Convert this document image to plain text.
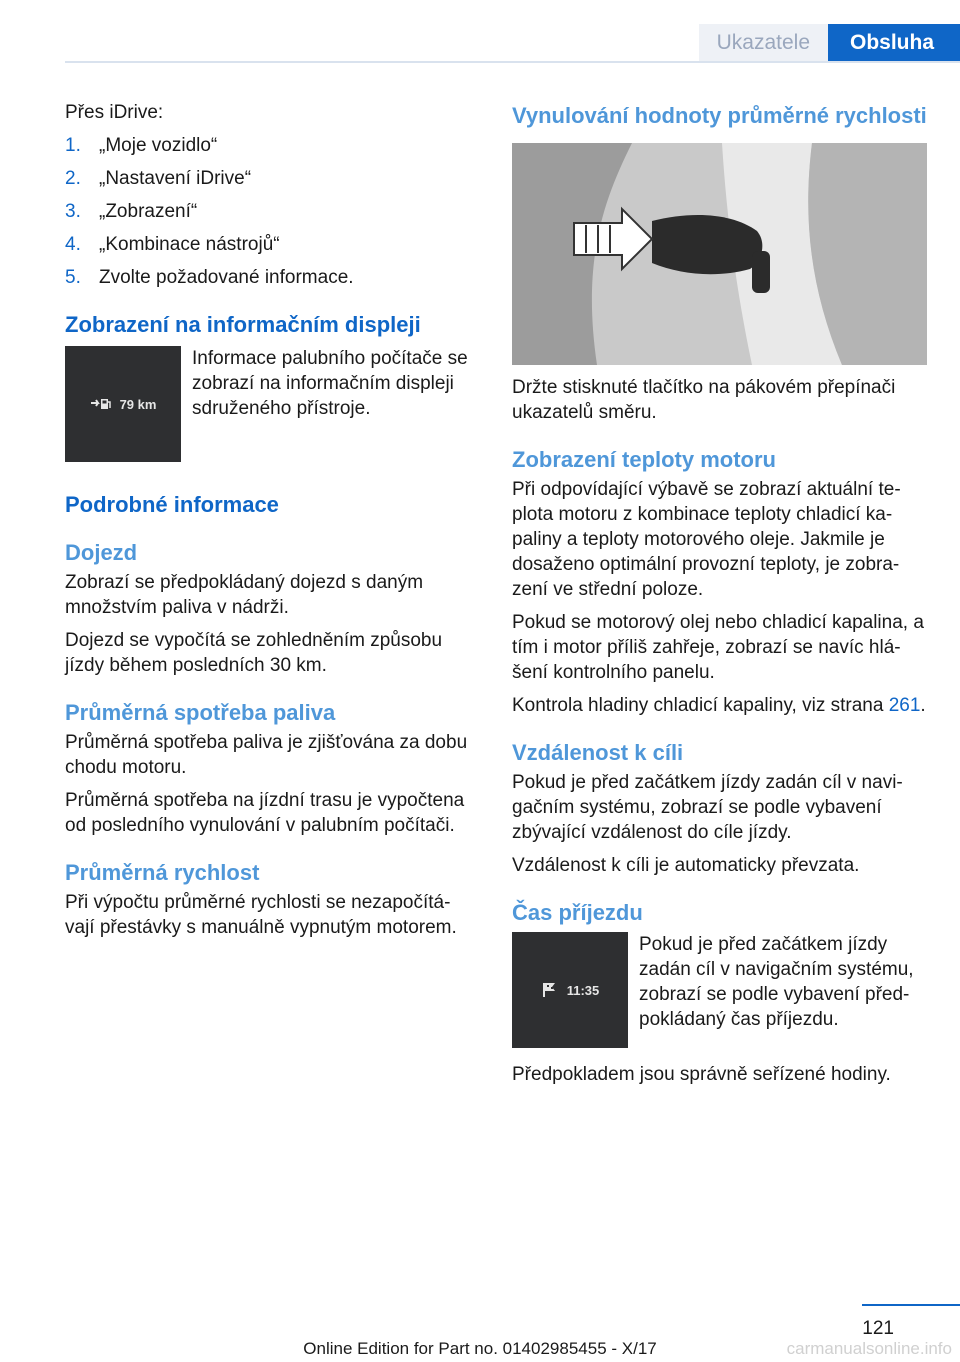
Ukazatele	Obsluha

Přes iDrive:

1. „Moje vozidlo“
2. „Nastavení iDrive“
3. „Zobrazení“
4. „Kombinace nástrojů“
5. Zvolte požadované informace.
Zobrazení na informačním displeji
79 km

Informace palubního počítače se zobrazí na informačním displeji sdruženého přístroje.

Podrobné informace
Dojezd

Zobrazí se předpokládaný dojezd s daným množstvím paliva v nádrži.

Dojezd se vypočítá se zohledněním způsobu jízdy během posledních 30 km.

Průměrná spotřeba paliva

Průměrná spotřeba paliva je zjišťována za dobu chodu motoru.

Průměrná spotřeba na jízdní trasu je vypočtena od posledního vynulování v palubním počítači.

Průměrná rychlost

Při výpočtu průměrné rychlosti se nezapočítá- vají přestávky s manuálně vypnutým motorem.

Vynulování hodnoty průměrné rychlosti

Držte stisknuté tlačítko na pákovém přepínači ukazatelů směru.

Zobrazení teploty motoru

Při odpovídající výbavě se zobrazí aktuální te- plota motoru z kombinace teploty chladicí ka- paliny a teploty motorového oleje. Jakmile je dosaženo optimální provozní teploty, je zobra- zení ve střední poloze.

Pokud se motorový olej nebo chladicí kapalina, a tím i motor příliš zahřeje, zobrazí se navíc hlá- šení kontrolního panelu.

Kontrola hladiny chladicí kapaliny, viz strana 261.

Vzdálenost k cíli

Pokud je před začátkem jízdy zadán cíl v navi- gačním systému, zobrazí se podle vybavení zbývající vzdálenost do cíle jízdy.

Vzdálenost k cíli je automaticky převzata.

Čas příjezdu
11:35

Pokud je před začátkem jízdy zadán cíl v navigačním systému, zobrazí se podle vybavení před- pokládaný čas příjezdu.

Předpokladem jsou správně seřízené hodiny.

121
Online Edition for Part no. 01402985455 - X/17	carmanualsonline.info
